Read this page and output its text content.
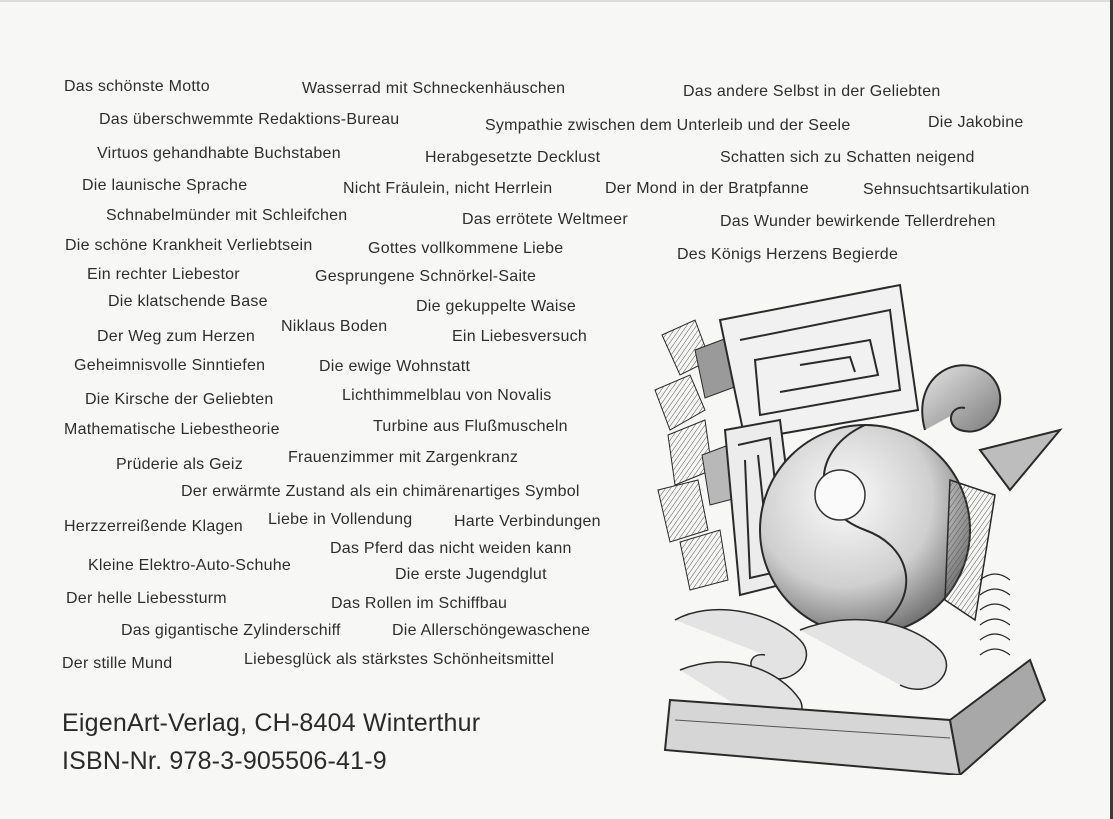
Das schönste Motto	Wasserrad mit Schneckenhäuschen	Das andere Selbst in der Geliebten
Das überschwemmte Redaktions-Bureau	Sympathie zwischen dem Unterleib und der Seele	Die Jakobine
Virtuos gehandhabte Buchstaben	Herabgesetzte Decklust	Schatten sich zu Schatten neigend
Die launische Sprache	Nicht Fräulein, nicht Herrlein	Der Mond in der Bratpfanne	Sehnsuchtsartikulation
Schnabelmünder mit Schleifchen	Das errötete Weltmeer	Das Wunder bewirkende Tellerdrehen
Die schöne Krankheit Verliebtsein	Gottes vollkommene Liebe	Des Königs Herzens Begierde
Ein rechter Liebestor	Gesprungene Schnörkel-Saite
Die klatschende Base	Die gekuppelte Waise
Der Weg zum Herzen
Niklaus Boden
Ein Liebesversuch
Geheimnisvolle Sinntiefen	Die ewige Wohnstatt
Die Kirsche der Geliebten	Lichthimmelblau von Novalis
Mathematische Liebestheorie	Turbine aus Flußmuscheln
Prüderie als Geiz	Frauenzimmer mit Zargenkranz
Der erwärmte Zustand als ein chimärenartiges Symbol
Herzzerreißende Klagen Liebe in Vollendung	Harte Verbindungen
Das Pferd das nicht weiden kann
Kleine Elektro-Auto-Schuhe
Die erste Jugendglut
Der helle Liebessturm	Das Rollen im Schiffbau
Das gigantische Zylinderschiff	Die Allerschöngewaschene
Der stille Mund	Liebesglück als stärkstes Schönheitsmittel
EigenArt-Verlag, CH-8404 Winterthur
ISBN-Nr. 978-3-905506-41-9
